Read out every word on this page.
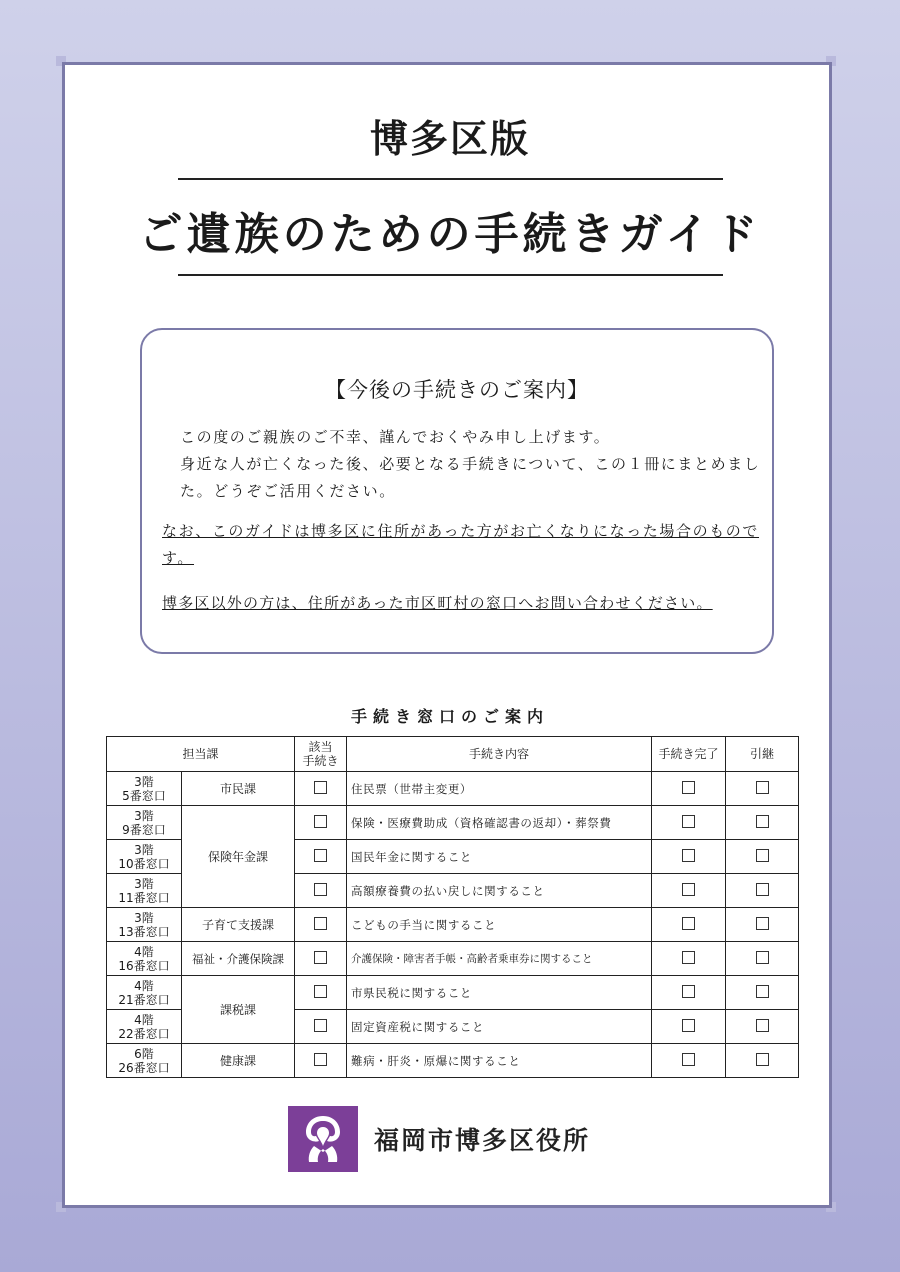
博多区版
ご遺族のための手続きガイド
【今後の手続きのご案内】
この度のご親族のご不幸、謹んでおくやみ申し上げます。
身近な人が亡くなった後、必要となる手続きについて、この１冊にまとめました。どうぞご活用ください。
なお、このガイドは博多区に住所があった方がお亡くなりになった場合のものです。
博多区以外の方は、住所があった市区町村の窓口へお問い合わせください。
手続き窓口のご案内
担当課		該当
手続き	手続き内容	手続き完了	引継
3階
5番窓口	市民課		住民票（世帯主変更）		
3階
9番窓口	保険年金課		保険・医療費助成（資格確認書の返却）・葬祭費		
3階
10番窓口			国民年金に関すること		
3階
11番窓口			高額療養費の払い戻しに関すること		
3階
13番窓口	子育て支援課		こどもの手当に関すること		
4階
16番窓口	福祉・介護保険課		介護保険・障害者手帳・高齢者乗車券に関すること		
4階
21番窓口	課税課		市県民税に関すること		
4階
22番窓口			固定資産税に関すること		
6階
26番窓口	健康課		難病・肝炎・原爆に関すること		
福岡市博多区役所
